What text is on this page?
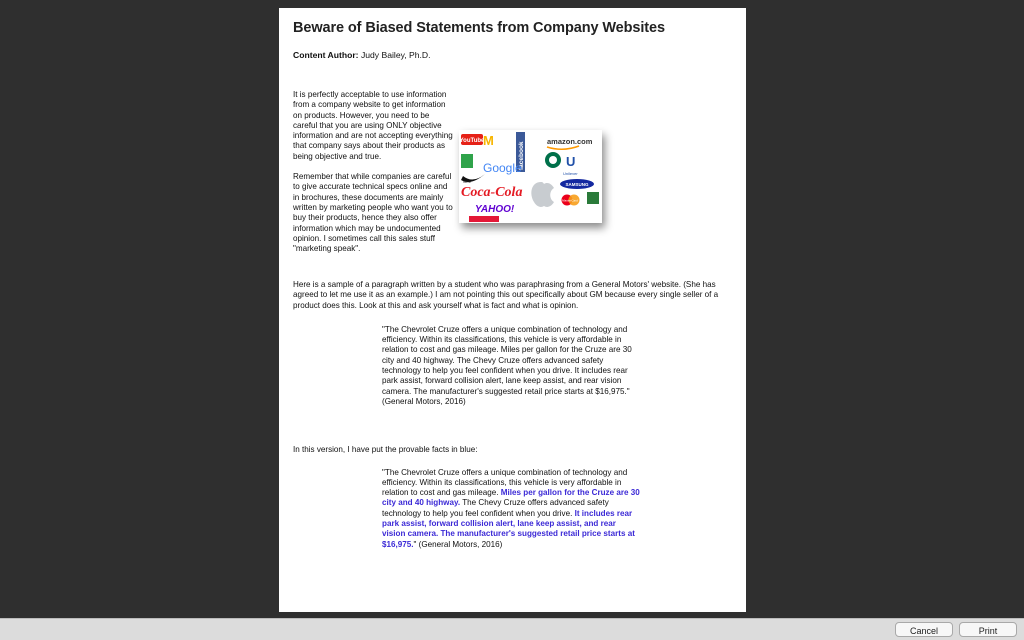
Beware of Biased Statements from Company Websites
Content Author: Judy Bailey, Ph.D.

It is perfectly acceptable to use information from a company website to get information on products. However, you need to be careful that you are using ONLY objective information and are not accepting everything that company says about their products as being objective and true.

Remember that while companies are careful to give accurate technical specs online and in brochures, these documents are mainly written by marketing people who want you to buy their products, hence they also offer information which may be undocumented opinion. I sometimes call this sales stuff "marketing speak".

YouTube
M
facebook	amazon.com
Google	U
Unilever
NIKE	SAMSUNG
Coca-Cola
MasterCard
YAHOO!

Here is a sample of a paragraph written by a student who was paraphrasing from a General Motors' website. (She has agreed to let me use it as an example.) I am not pointing this out specifically about GM because every single seller of a product does this. Look at this and ask yourself what is fact and what is opinion.

"The Chevrolet Cruze offers a unique combination of technology and efficiency. Within its classifications, this vehicle is very affordable in relation to cost and gas mileage. Miles per gallon for the Cruze are 30 city and 40 highway. The Chevy Cruze offers advanced safety technology to help you feel confident when you drive. It includes rear park assist, forward collision alert, lane keep assist, and rear vision camera. The manufacturer's suggested retail price starts at $16,975." (General Motors, 2016)

In this version, I have put the provable facts in blue:

"The Chevrolet Cruze offers a unique combination of technology and efficiency. Within its classifications, this vehicle is very affordable in relation to cost and gas mileage. Miles per gallon for the Cruze are 30 city and 40 highway. The Chevy Cruze offers advanced safety technology to help you feel confident when you drive. It includes rear park assist, forward collision alert, lane keep assist, and rear vision camera. The manufacturer's suggested retail price starts at $16,975." (General Motors, 2016)
Cancel	Print
